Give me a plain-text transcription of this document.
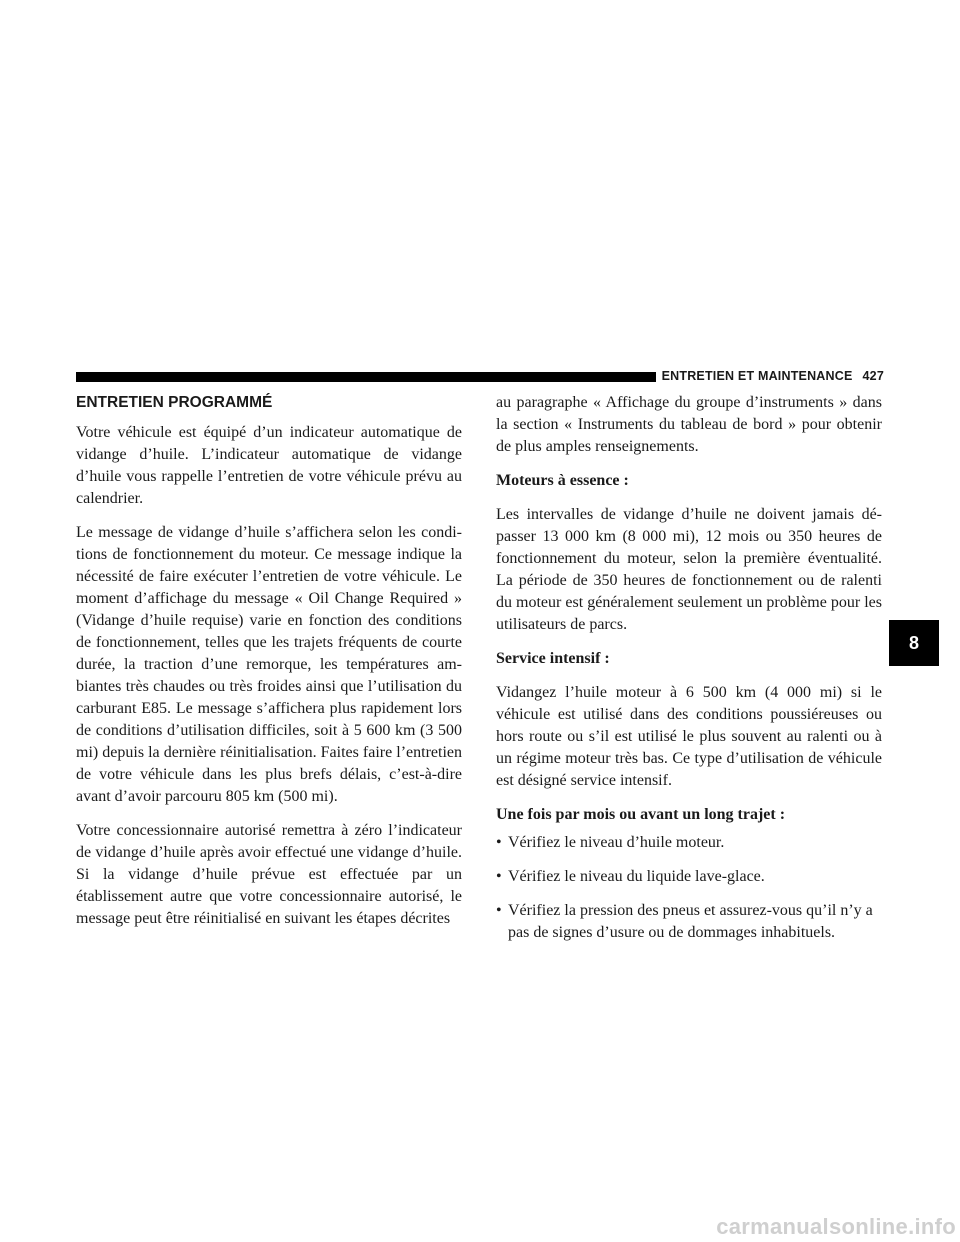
ENTRETIEN ET MAINTENANCE 427
ENTRETIEN PROGRAMMÉ

Votre véhicule est équipé d’un indicateur automatique de vidange d’huile. L’indicateur automatique de vidange d’huile vous rappelle l’entretien de votre véhicule prévu au calendrier.

Le message de vidange d’huile s’affichera selon les condi-tions de fonctionnement du moteur. Ce message indique la nécessité de faire exécuter l’entretien de votre véhicule. Le moment d’affichage du message « Oil Change Required » (Vidange d’huile requise) varie en fonction des conditions de fonctionnement, telles que les trajets fréquents de courte durée, la traction d’une remorque, les températures am-biantes très chaudes ou très froides ainsi que l’utilisation du carburant E85. Le message s’affichera plus rapidement lors de conditions d’utilisation difficiles, soit à 5 600 km (3 500 mi) depuis la dernière réinitialisation. Faites faire l’entretien de votre véhicule dans les plus brefs délais, c’est-à-dire avant d’avoir parcouru 805 km (500 mi).

Votre concessionnaire autorisé remettra à zéro l’indicateur de vidange d’huile après avoir effectué une vidange d’huile. Si la vidange d’huile prévue est effectuée par un établissement autre que votre concessionnaire autorisé, le message peut être réinitialisé en suivant les étapes décrites

au paragraphe « Affichage du groupe d’instruments » dans la section « Instruments du tableau de bord » pour obtenir de plus amples renseignements.

Moteurs à essence :

Les intervalles de vidange d’huile ne doivent jamais dé-passer 13 000 km (8 000 mi), 12 mois ou 350 heures de fonctionnement du moteur, selon la première éventualité. La période de 350 heures de fonctionnement ou de ralenti du moteur est généralement seulement un problème pour les utilisateurs de parcs.

Service intensif :

Vidangez l’huile moteur à 6 500 km (4 000 mi) si le véhicule est utilisé dans des conditions poussiéreuses ou hors route ou s’il est utilisé le plus souvent au ralenti ou à un régime moteur très bas. Ce type d’utilisation de véhicule est désigné service intensif.

Une fois par mois ou avant un long trajet :

• Vérifiez le niveau d’huile moteur.
• Vérifiez le niveau du liquide lave-glace.
• Vérifiez la pression des pneus et assurez-vous qu’il n’y a pas de signes d’usure ou de dommages inhabituels.
8
carmanualsonline.info
